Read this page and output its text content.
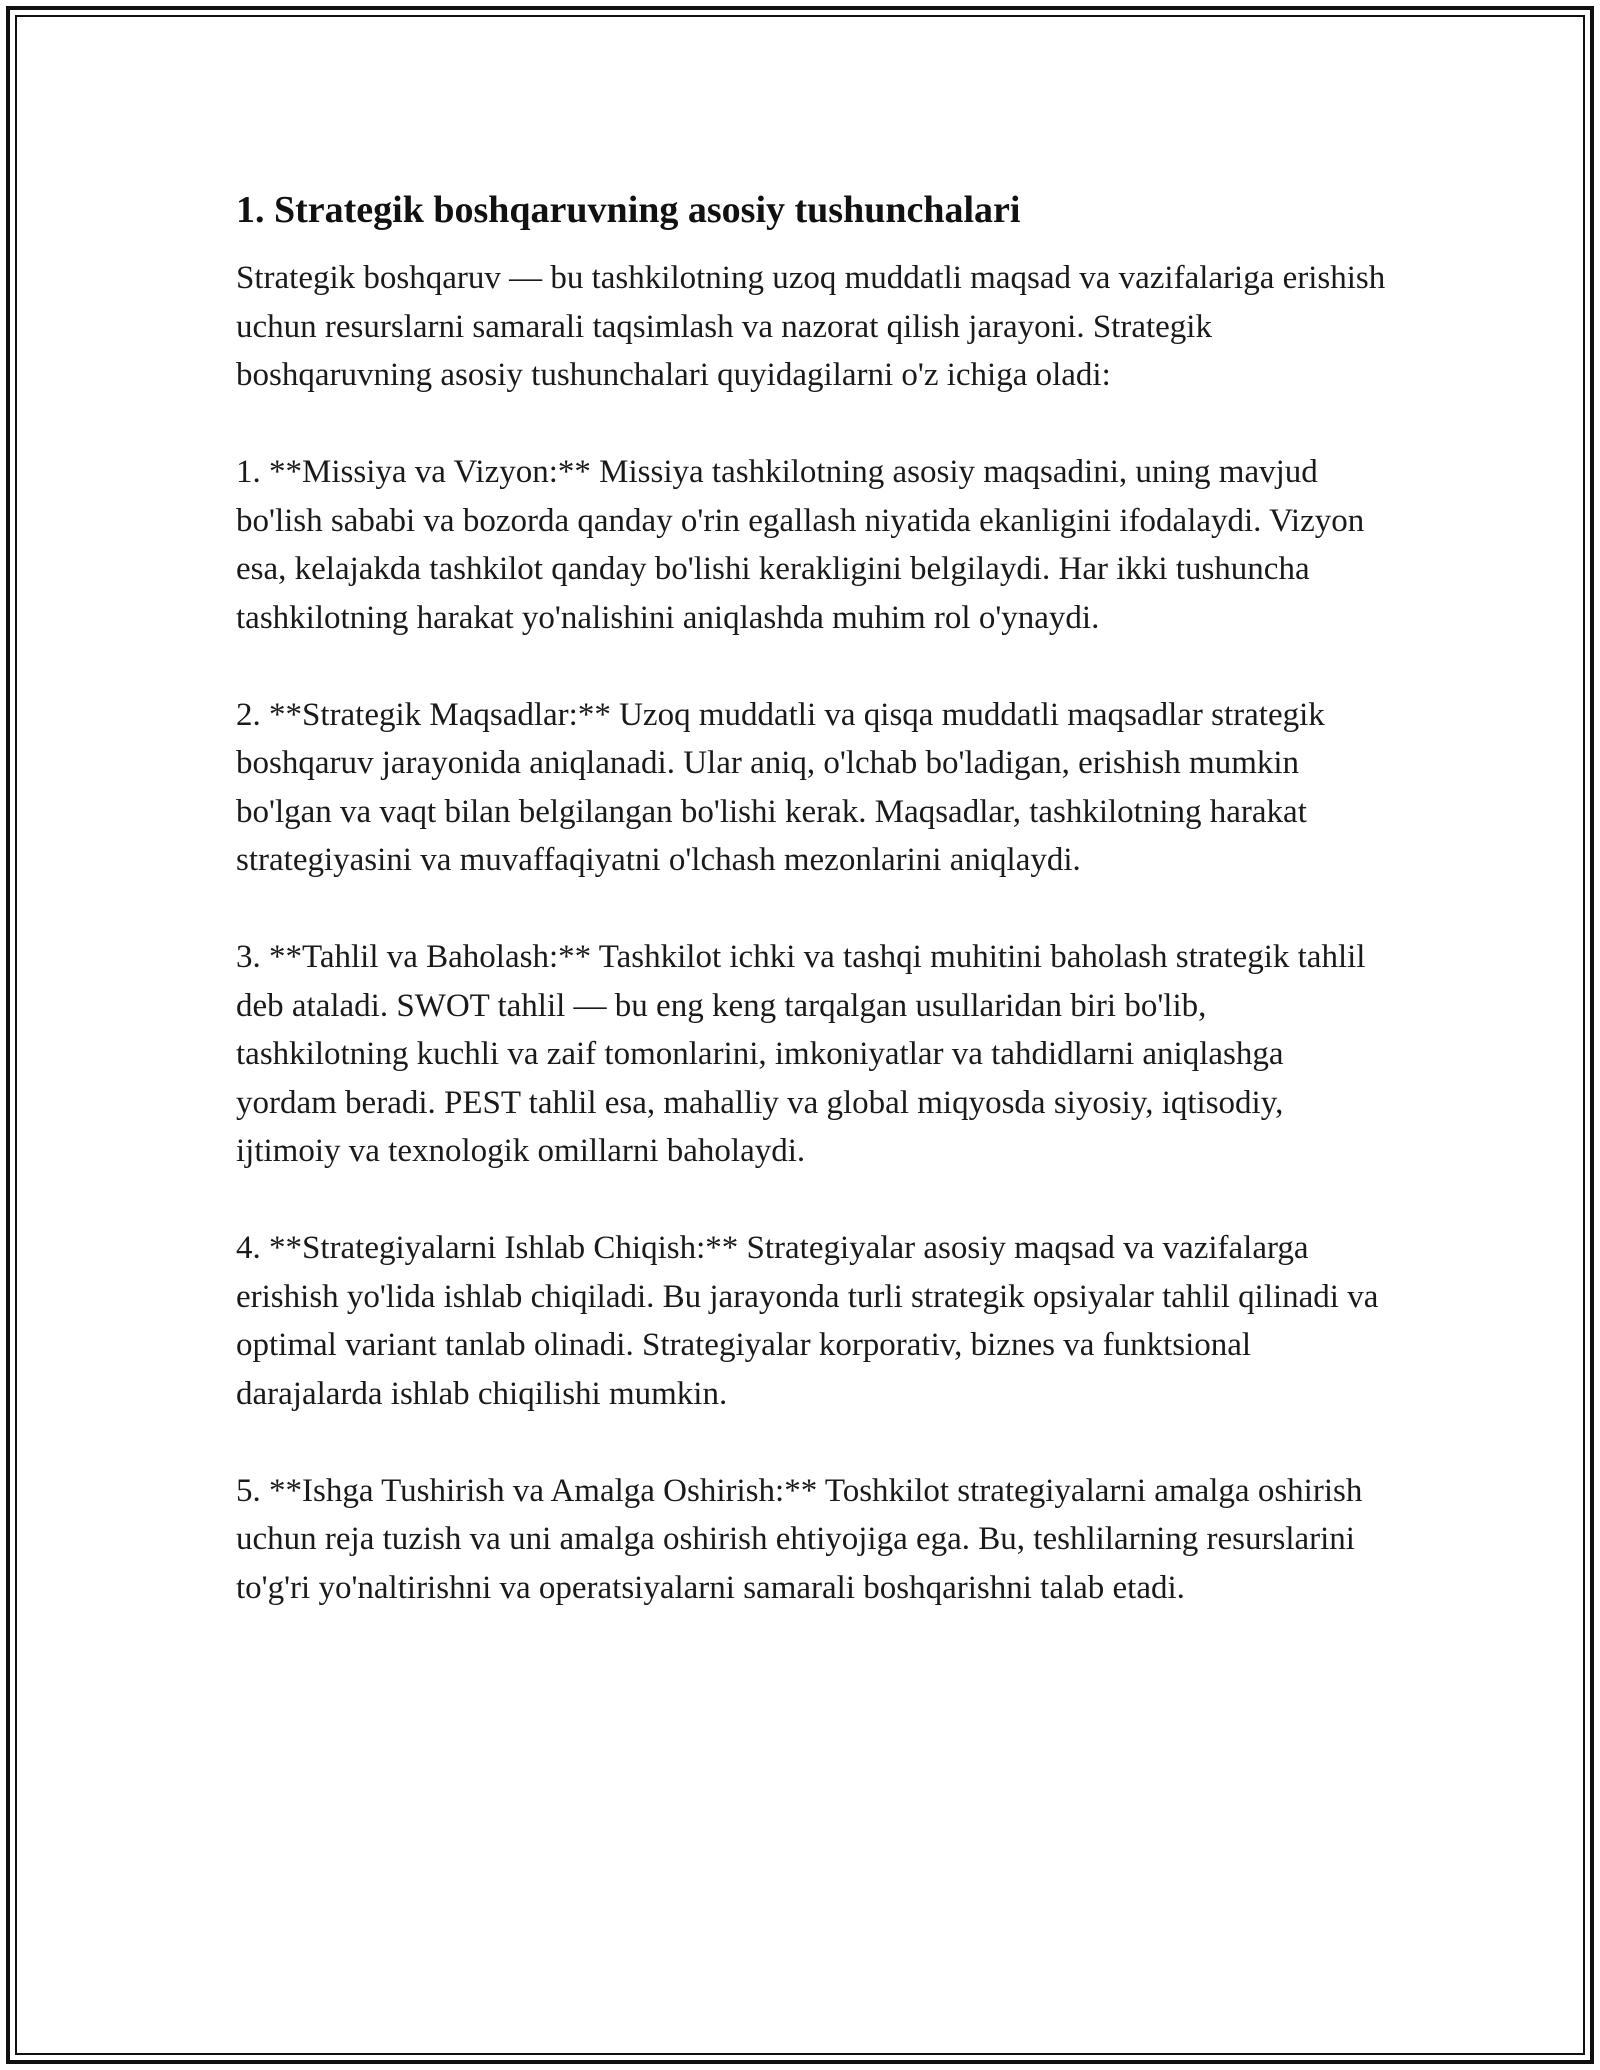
1. Strategik boshqaruvning asosiy tushunchalari

Strategik boshqaruv — bu tashkilotning uzoq muddatli maqsad va vazifalariga erishish uchun resurslarni samarali taqsimlash va nazorat qilish jarayoni. Strategik boshqaruvning asosiy tushunchalari quyidagilarni o'z ichiga oladi:

1. **Missiya va Vizyon:** Missiya tashkilotning asosiy maqsadini, uning mavjud bo'lish sababi va bozorda qanday o'rin egallash niyatida ekanligini ifodalaydi. Vizyon esa, kelajakda tashkilot qanday bo'lishi kerakligini belgilaydi. Har ikki tushuncha tashkilotning harakat yo'nalishini aniqlashda muhim rol o'ynaydi.

2. **Strategik Maqsadlar:** Uzoq muddatli va qisqa muddatli maqsadlar strategik boshqaruv jarayonida aniqlanadi. Ular aniq, o'lchab bo'ladigan, erishish mumkin bo'lgan va vaqt bilan belgilangan bo'lishi kerak. Maqsadlar, tashkilotning harakat strategiyasini va muvaffaqiyatni o'lchash mezonlarini aniqlaydi.

3. **Tahlil va Baholash:** Tashkilot ichki va tashqi muhitini baholash strategik tahlil deb ataladi. SWOT tahlil — bu eng keng tarqalgan usullaridan biri bo'lib, tashkilotning kuchli va zaif tomonlarini, imkoniyatlar va tahdidlarni aniqlashga yordam beradi. PEST tahlil esa, mahalliy va global miqyosda siyosiy, iqtisodiy, ijtimoiy va texnologik omillarni baholaydi.

4. **Strategiyalarni Ishlab Chiqish:** Strategiyalar asosiy maqsad va vazifalarga erishish yo'lida ishlab chiqiladi. Bu jarayonda turli strategik opsiyalar tahlil qilinadi va optimal variant tanlab olinadi. Strategiyalar korporativ, biznes va funktsional darajalarda ishlab chiqilishi mumkin.

5. **Ishga Tushirish va Amalga Oshirish:** Toshkilot strategiyalarni amalga oshirish uchun reja tuzish va uni amalga oshirish ehtiyojiga ega. Bu, teshlilarning resurslarini to'g'ri yo'naltirishni va operatsiyalarni samarali boshqarishni talab etadi.
